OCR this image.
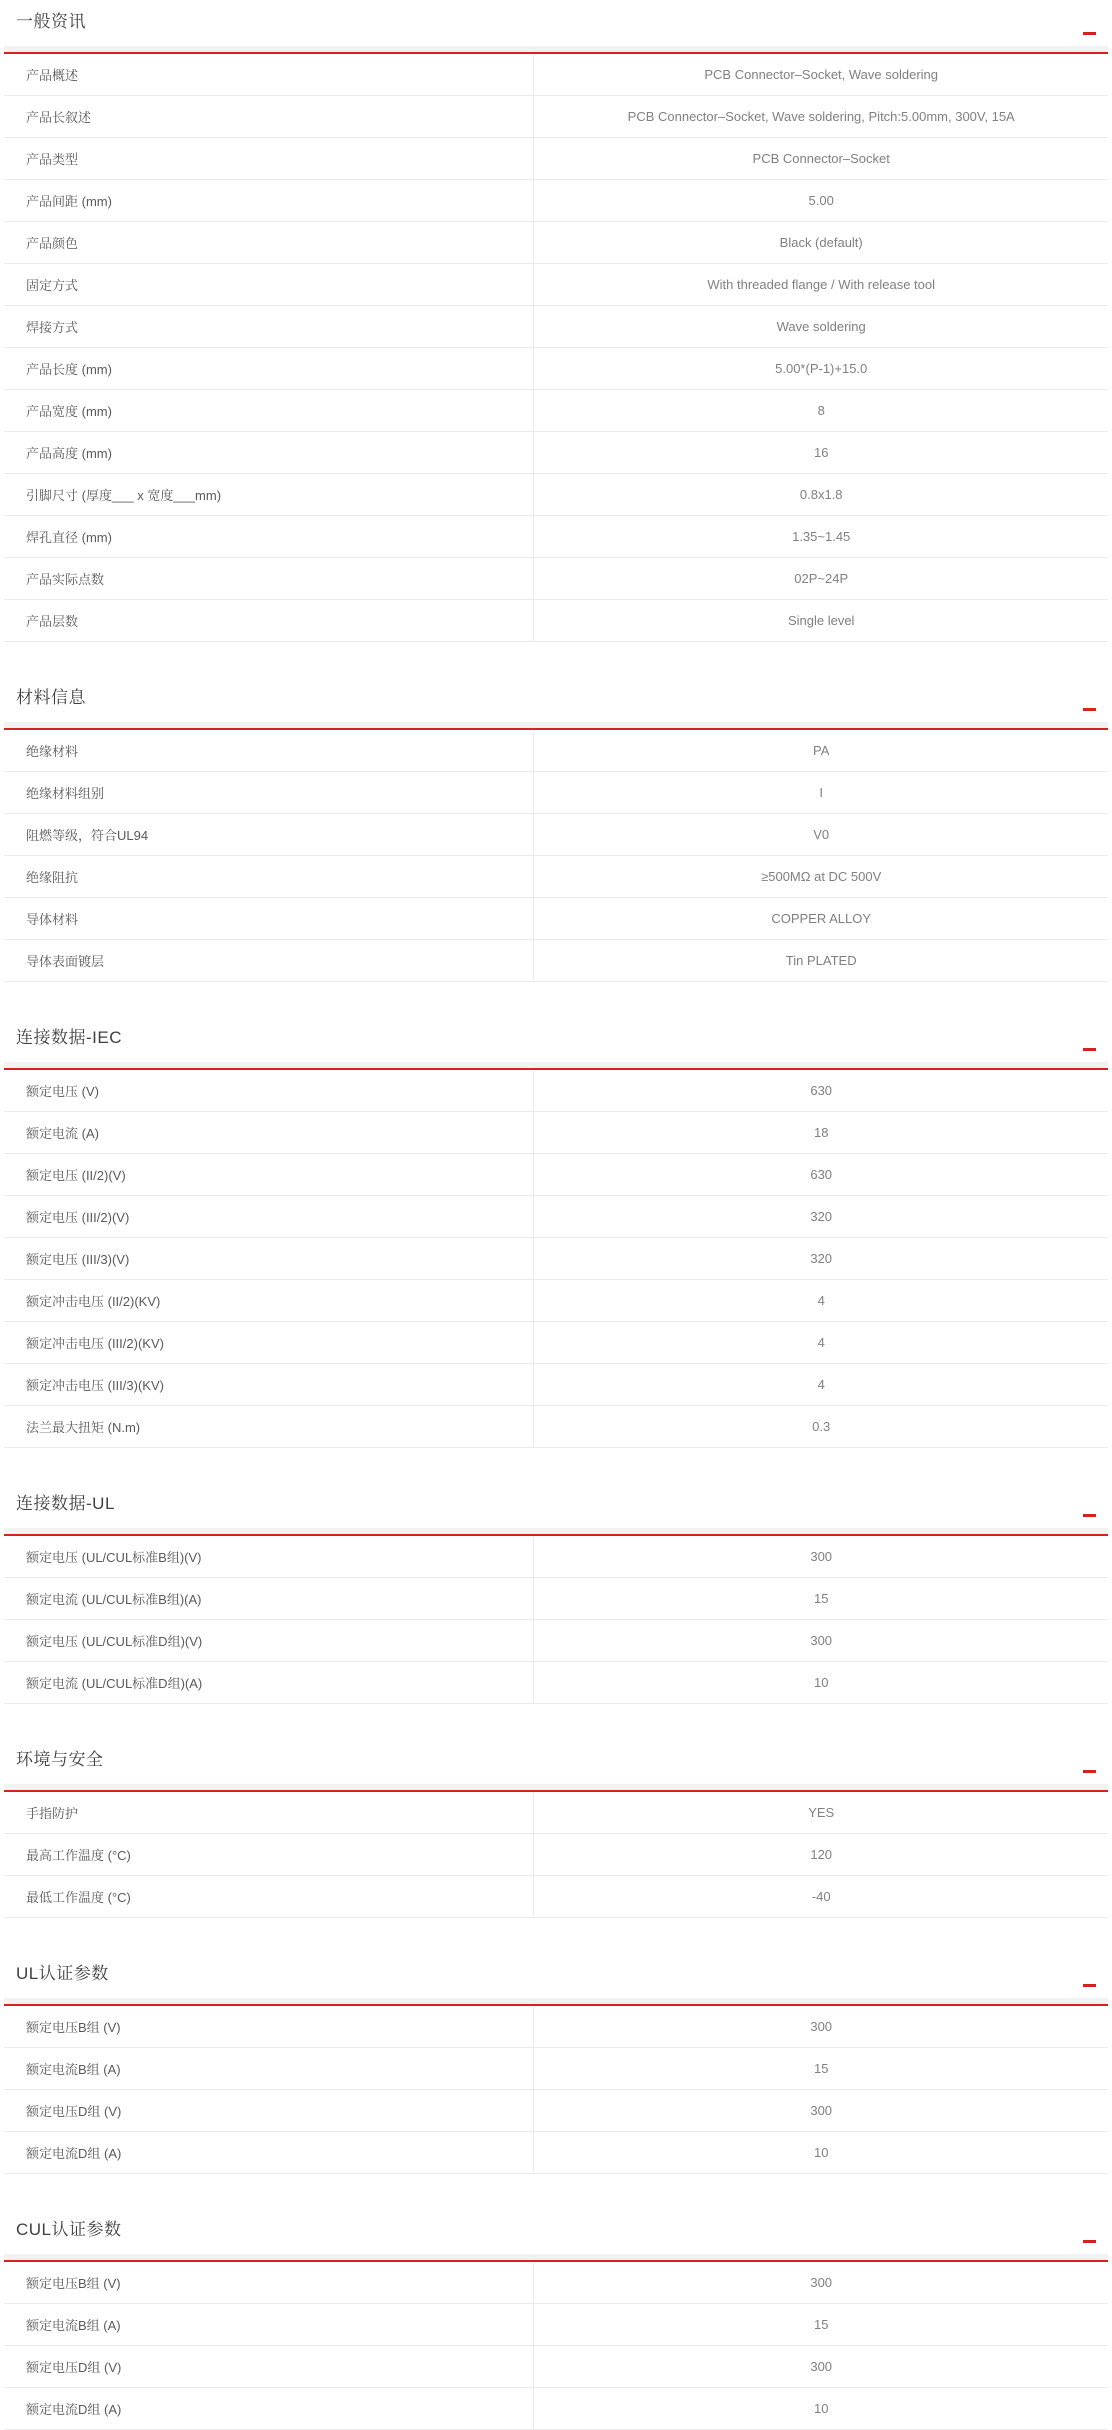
一般资讯
产品概述	PCB Connector–Socket, Wave soldering
产品长叙述	PCB Connector–Socket, Wave soldering, Pitch:5.00mm, 300V, 15A
产品类型	PCB Connector–Socket
产品间距 (mm)	5.00
产品颜色	Black (default)
固定方式	With threaded flange / With release tool
焊接方式	Wave soldering
产品长度 (mm)	5.00*(P-1)+15.0
产品宽度 (mm)	8
产品高度 (mm)	16
引脚尺寸 (厚度___ x 宽度___mm)	0.8x1.8
焊孔直径 (mm)	1.35~1.45
产品实际点数	02P~24P
产品层数	Single level
材料信息
绝缘材料	PA
绝缘材料组别	I
阻燃等级，符合UL94	V0
绝缘阻抗	≥500MΩ at DC 500V
导体材料	COPPER ALLOY
导体表面镀层	Tin PLATED
连接数据-IEC
额定电压 (V)	630
额定电流 (A)	18
额定电压 (II/2)(V)	630
额定电压 (III/2)(V)	320
额定电压 (III/3)(V)	320
额定冲击电压 (II/2)(KV)	4
额定冲击电压 (III/2)(KV)	4
额定冲击电压 (III/3)(KV)	4
法兰最大扭矩 (N.m)	0.3
连接数据-UL
额定电压 (UL/CUL标准B组)(V)	300
额定电流 (UL/CUL标准B组)(A)	15
额定电压 (UL/CUL标准D组)(V)	300
额定电流 (UL/CUL标准D组)(A)	10
环境与安全
手指防护	YES
最高工作温度 (°C)	120
最低工作温度 (°C)	-40
UL认证参数
额定电压B组 (V)	300
额定电流B组 (A)	15
额定电压D组 (V)	300
额定电流D组 (A)	10
CUL认证参数
额定电压B组 (V)	300
额定电流B组 (A)	15
额定电压D组 (V)	300
额定电流D组 (A)	10
